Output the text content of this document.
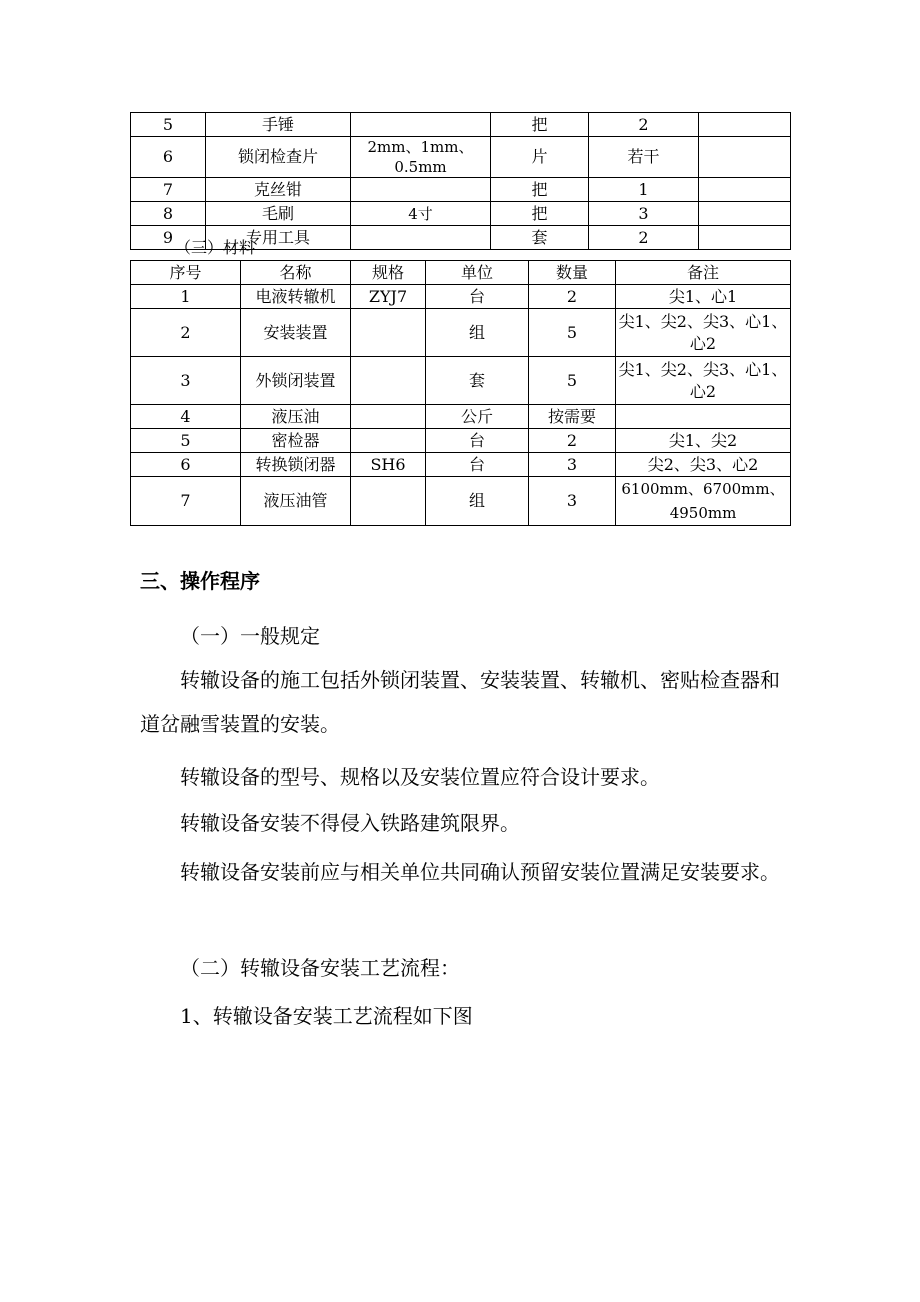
5	手锤		把	2	
6	锁闭检查片	2mm、1mm、0.5mm	片	若干	
7	克丝钳		把	1	
8	毛刷	4寸	把	3	
9	专用工具		套	2	
（三）材料
序号	名称	规格	单位	数量	备注
1	电液转辙机	ZYJ7	台	2	尖1、心1
2	安装装置		组	5	尖1、尖2、尖3、心1、心2
3	外锁闭装置		套	5	尖1、尖2、尖3、心1、心2
4	液压油		公斤	按需要	
5	密检器		台	2	尖1、尖2
6	转换锁闭器	SH6	台	3	尖2、尖3、心2
7	液压油管		组	3	6100mm、6700mm、4950mm
三、操作程序

（一）一般规定

转辙设备的施工包括外锁闭装置、安装装置、转辙机、密贴检查器和道岔融雪装置的安装。

转辙设备的型号、规格以及安装位置应符合设计要求。

转辙设备安装不得侵入铁路建筑限界。

转辙设备安装前应与相关单位共同确认预留安装位置满足安装要求。

（二）转辙设备安装工艺流程：

1、转辙设备安装工艺流程如下图
